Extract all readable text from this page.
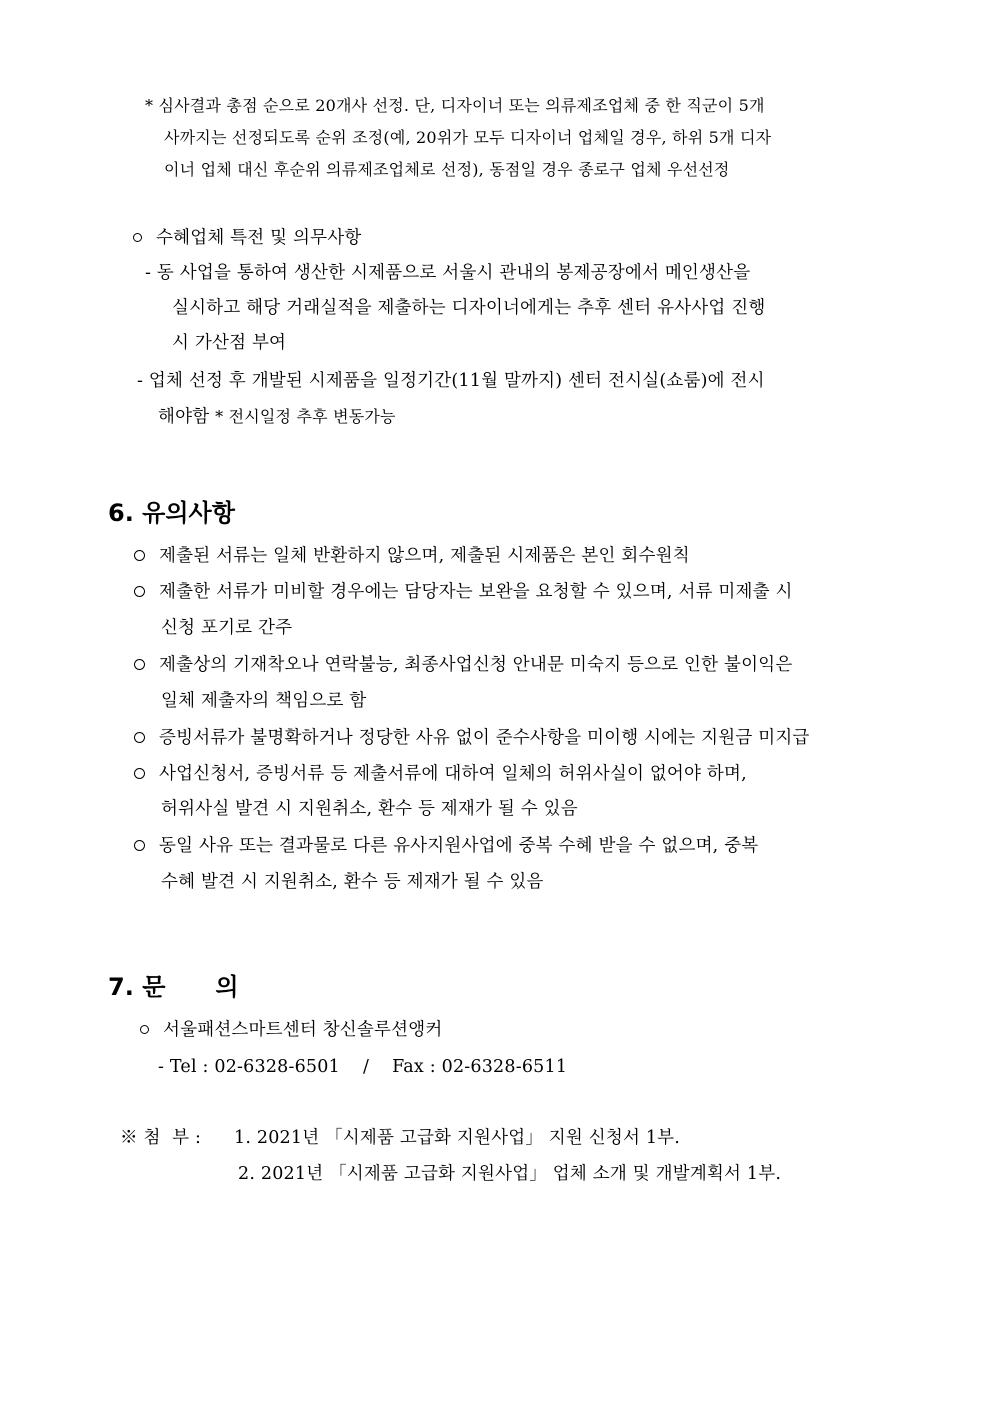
* 심사결과 총점 순으로 20개사 선정. 단, 디자이너 또는 의류제조업체 중 한 직군이 5개
사까지는 선정되도록 순위 조정(예, 20위가 모두 디자이너 업체일 경우, 하위 5개 디자
이너 업체 대신 후순위 의류제조업체로 선정), 동점일 경우 종로구 업체 우선선정
수혜업체 특전 및 의무사항
- 동 사업을 통하여 생산한 시제품으로 서울시 관내의 봉제공장에서 메인생산을
실시하고 해당 거래실적을 제출하는 디자이너에게는 추후 센터 유사사업 진행
시 가산점 부여
- 업체 선정 후 개발된 시제품을 일정기간(11월 말까지) 센터 전시실(쇼룸)에 전시
해야함 * 전시일정 추후 변동가능
6. 유의사항
제출된 서류는 일체 반환하지 않으며, 제출된 시제품은 본인 회수원칙
제출한 서류가 미비할 경우에는 담당자는 보완을 요청할 수 있으며, 서류 미제출 시
신청 포기로 간주
제출상의 기재착오나 연락불능, 최종사업신청 안내문 미숙지 등으로 인한 불이익은
일체 제출자의 책임으로 함
증빙서류가 불명확하거나 정당한 사유 없이 준수사항을 미이행 시에는 지원금 미지급
사업신청서, 증빙서류 등 제출서류에 대하여 일체의 허위사실이 없어야 하며,
허위사실 발견 시 지원취소, 환수 등 제재가 될 수 있음
동일 사유 또는 결과물로 다른 유사지원사업에 중복 수혜 받을 수 없으며, 중복
수혜 발견 시 지원취소, 환수 등 제재가 될 수 있음
7. 문 의
서울패션스마트센터 창신솔루션앵커
- Tel : 02-6328-6501    /    Fax : 02-6328-6511
※ 첨  부 : 1. 2021년 「시제품 고급화 지원사업」 지원 신청서 1부.
2. 2021년 「시제품 고급화 지원사업」 업체 소개 및 개발계획서 1부.
